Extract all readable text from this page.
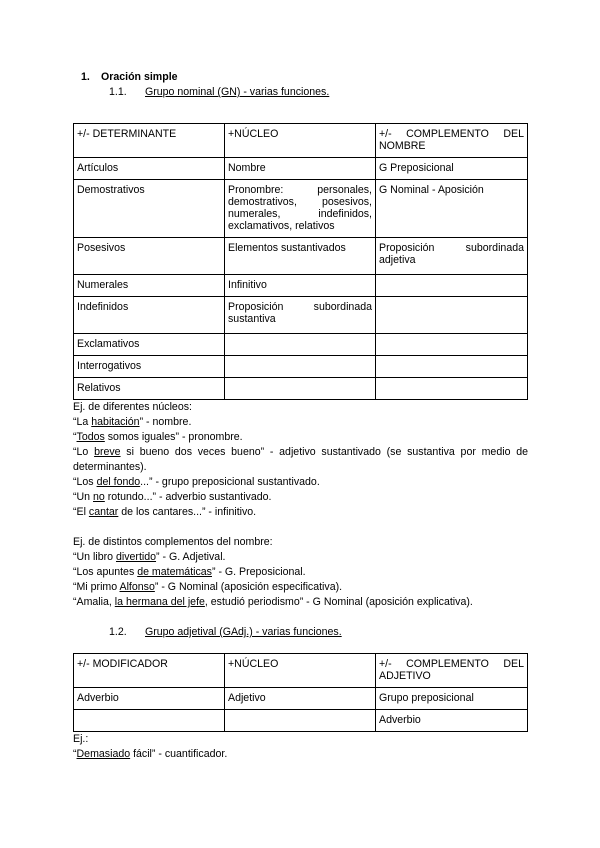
1.	Oración simple
1.1.	Grupo nominal (GN) - varias funciones.
+/- DETERMINANTE	+NÚCLEO	+/- COMPLEMENTO DEL NOMBRE
Artículos	Nombre	G Preposicional
Demostrativos	Pronombre: personales, demostrativos, posesivos, numerales, indefinidos, exclamativos, relativos	G Nominal - Aposición
Posesivos	Elementos sustantivados	Proposición subordinada adjetiva
Numerales	Infinitivo	
Indefinidos	Proposición subordinada sustantiva	
Exclamativos		
Interrogativos		
Relativos		

Ej. de diferentes núcleos:

“La habitación” - nombre.

“Todos somos iguales” - pronombre.

“Lo breve si bueno dos veces bueno” - adjetivo sustantivado (se sustantiva por medio de determinantes).

“Los del fondo...” - grupo preposicional sustantivado.

“Un no rotundo...” - adverbio sustantivado.

“El cantar de los cantares...” - infinitivo.

Ej. de distintos complementos del nombre:

“Un libro divertido” - G. Adjetival.

“Los apuntes de matemáticas” - G. Preposicional.

“Mi primo Alfonso” - G Nominal (aposición especificativa).

“Amalia, la hermana del jefe, estudió periodismo” - G Nominal (aposición explicativa).

1.2.	Grupo adjetival (GAdj.) - varias funciones.
+/- MODIFICADOR	+NÚCLEO	+/- COMPLEMENTO DEL ADJETIVO
Adverbio	Adjetivo	Grupo preposicional
		Adverbio

Ej.:

“Demasiado fácil” - cuantificador.
